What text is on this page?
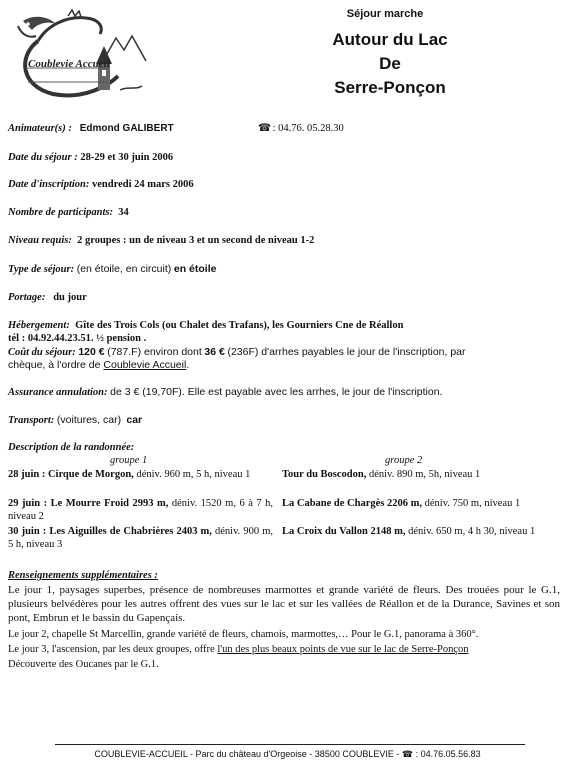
Coublevie Accueil
Séjour marche
Autour du Lac
De
Serre-Ponçon
Animateur(s) : Edmond GALIBERT	☎ : 04.76. 05.28.30
Date du séjour : 28-29 et 30 juin 2006
Date d'inscription: vendredi 24 mars 2006
Nombre de participants: 34
Niveau requis: 2 groupes : un de niveau 3 et un second de niveau 1-2
Type de séjour: (en étoile, en circuit) en étoile
Portage: du jour
Hébergement: Gîte des Trois Cols (ou Chalet des Trafans), les Gourniers Cne de Réallon
tél : 04.92.44.23.51. ½ pension .
Coût du séjour: 120 € (787.F) environ dont 36 € (236F) d'arrhes payables le jour de l'inscription, par
chèque, à l'ordre de Coublevie Accueil.
Assurance annulation: de 3 € (19,70F). Elle est payable avec les arrhes, le jour de l'inscription.
Transport: (voitures, car) car
Description de la randonnée:
groupe 1	groupe 2
28 juin : Cirque de Morgon, déniv. 960 m, 5 h, niveau 1
29 juin : Le Mourre Froid 2993 m, déniv. 1520 m, 6 à 7 h, niveau 2
30 juin : Les Aiguilles de Chabrières 2403 m, déniv. 900 m, 5 h, niveau 3
Tour du Boscodon, déniv. 890 m, 5h, niveau 1
La Cabane de Chargès 2206 m, déniv. 750 m, niveau 1
La Croix du Vallon 2148 m, déniv. 650 m, 4 h 30, niveau 1
Renseignements supplémentaires :
Le jour 1, paysages superbes, présence de nombreuses marmottes et grande variété de fleurs. Des trouées pour le G.1, plusieurs belvédères pour les autres offrent des vues sur le lac et sur les vallées de Réallon et de la Durance, Savines et son pont, Embrun et le bassin du Gapençais.
Le jour 2, chapelle St Marcellin, grande variété de fleurs, chamois, marmottes,… Pour le G.1, panorama à 360°.
Le jour 3, l'ascension, par les deux groupes, offre l'un des plus beaux points de vue sur le lac de Serre-Ponçon
Découverte des Oucanes par le G.1.
COUBLEVIE-ACCUEIL - Parc du château d'Orgeoise - 38500 COUBLEVIE - ☎ : 04.76.05.56.83
